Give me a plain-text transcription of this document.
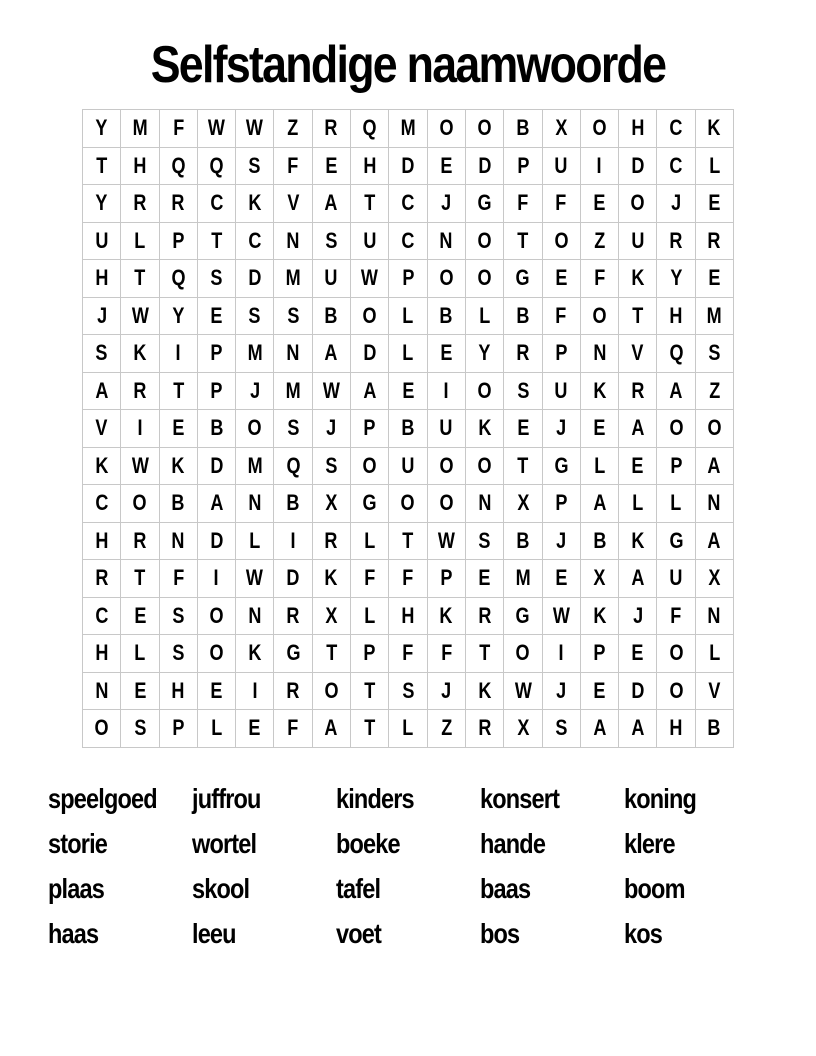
Selfstandige naamwoorde
Y	M	F	W	W	Z	R	Q	M	O	O	B	X	O	H	C	K
T	H	Q	Q	S	F	E	H	D	E	D	P	U	I	D	C	L
Y	R	R	C	K	V	A	T	C	J	G	F	F	E	O	J	E
U	L	P	T	C	N	S	U	C	N	O	T	O	Z	U	R	R
H	T	Q	S	D	M	U	W	P	O	O	G	E	F	K	Y	E
J	W	Y	E	S	S	B	O	L	B	L	B	F	O	T	H	M
S	K	I	P	M	N	A	D	L	E	Y	R	P	N	V	Q	S
A	R	T	P	J	M	W	A	E	I	O	S	U	K	R	A	Z
V	I	E	B	O	S	J	P	B	U	K	E	J	E	A	O	O
K	W	K	D	M	Q	S	O	U	O	O	T	G	L	E	P	A
C	O	B	A	N	B	X	G	O	O	N	X	P	A	L	L	N
H	R	N	D	L	I	R	L	T	W	S	B	J	B	K	G	A
R	T	F	I	W	D	K	F	F	P	E	M	E	X	A	U	X
C	E	S	O	N	R	X	L	H	K	R	G	W	K	J	F	N
H	L	S	O	K	G	T	P	F	F	T	O	I	P	E	O	L
N	E	H	E	I	R	O	T	S	J	K	W	J	E	D	O	V
O	S	P	L	E	F	A	T	L	Z	R	X	S	A	A	H	B
speelgoed	juffrou	kinders	konsert	koning
storie	wortel	boeke	hande	klere
plaas	skool	tafel	baas	boom
haas	leeu	voet	bos	kos
